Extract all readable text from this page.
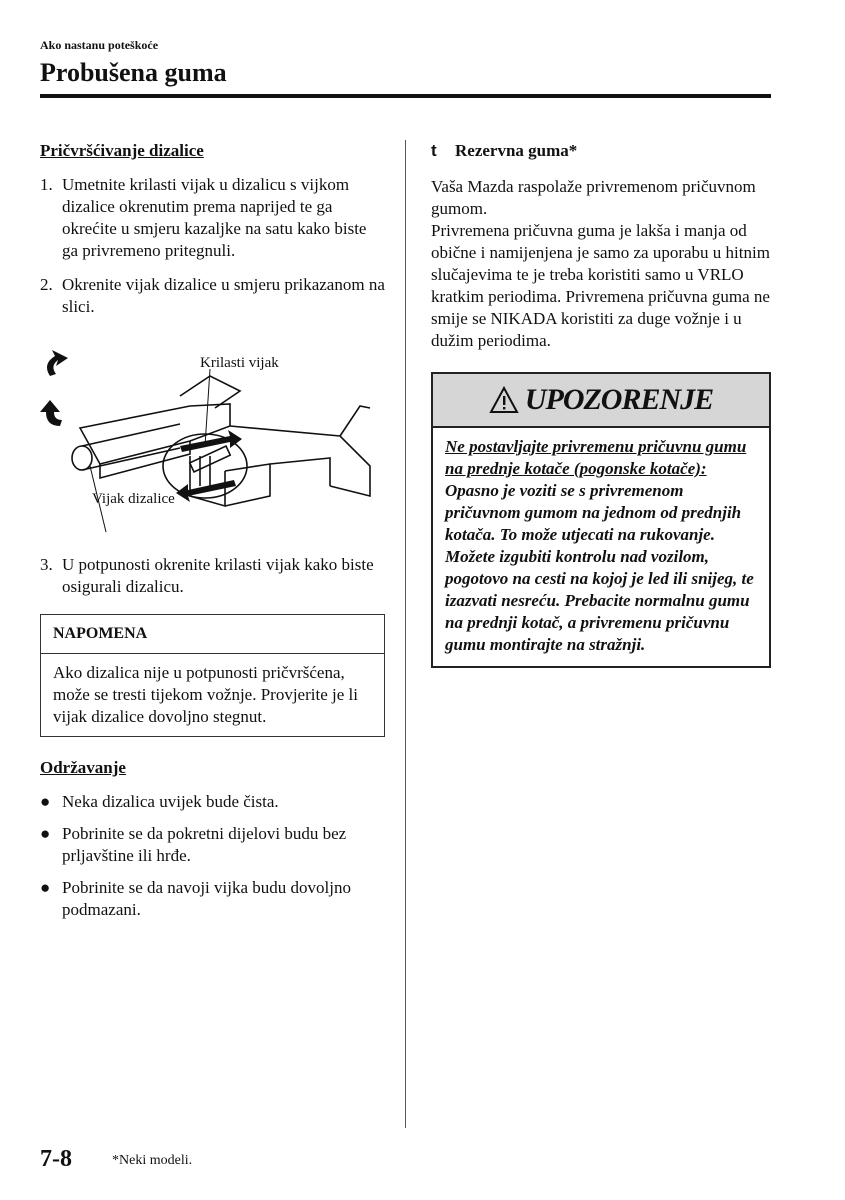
Ako nastanu poteškoće
Probušena guma

Pričvršćivanje dizalice

1. Umetnite krilasti vijak u dizalicu s vijkom dizalice okrenutim prema naprijed te ga okrećite u smjeru kazaljke na satu kako biste ga privremeno pritegnuli.
2. Okrenite vijak dizalice u smjeru prikazanom na slici.
Krilasti vijak
Vijak dizalice
3. U potpunosti okrenite krilasti vijak kako biste osigurali dizalicu.
NAPOMENA
Ako dizalica nije u potpunosti pričvršćena, može se tresti tijekom vožnje. Provjerite je li vijak dizalice dovoljno stegnut.

Održavanje

● Neka dizalica uvijek bude čista.
● Pobrinite se da pokretni dijelovi budu bez prljavštine ili hrđe.
● Pobrinite se da navoji vijka budu dovoljno podmazani.

t	Rezervna guma*

Vaša Mazda raspolaže privremenom pričuvnom gumom.

Privremena pričuvna guma je lakša i manja od obične i namijenjena je samo za uporabu u hitnim slučajevima te je treba koristiti samo u VRLO kratkim periodima. Privremena pričuvna guma ne smije se NIKADA koristiti za duge vožnje i u dužim periodima.

UPOZORENJE
Ne postavljajte privremenu pričuvnu gumu na prednje kotače (pogonske kotače):
Opasno je voziti se s privremenom pričuvnom gumom na jednom od prednjih kotača. To može utjecati na rukovanje. Možete izgubiti kontrolu nad vozilom, pogotovo na cesti na kojoj je led ili snijeg, te izazvati nesreću. Prebacite normalnu gumu na prednji kotač, a privremenu pričuvnu gumu montirajte na stražnji.
7-8	*Neki modeli.
